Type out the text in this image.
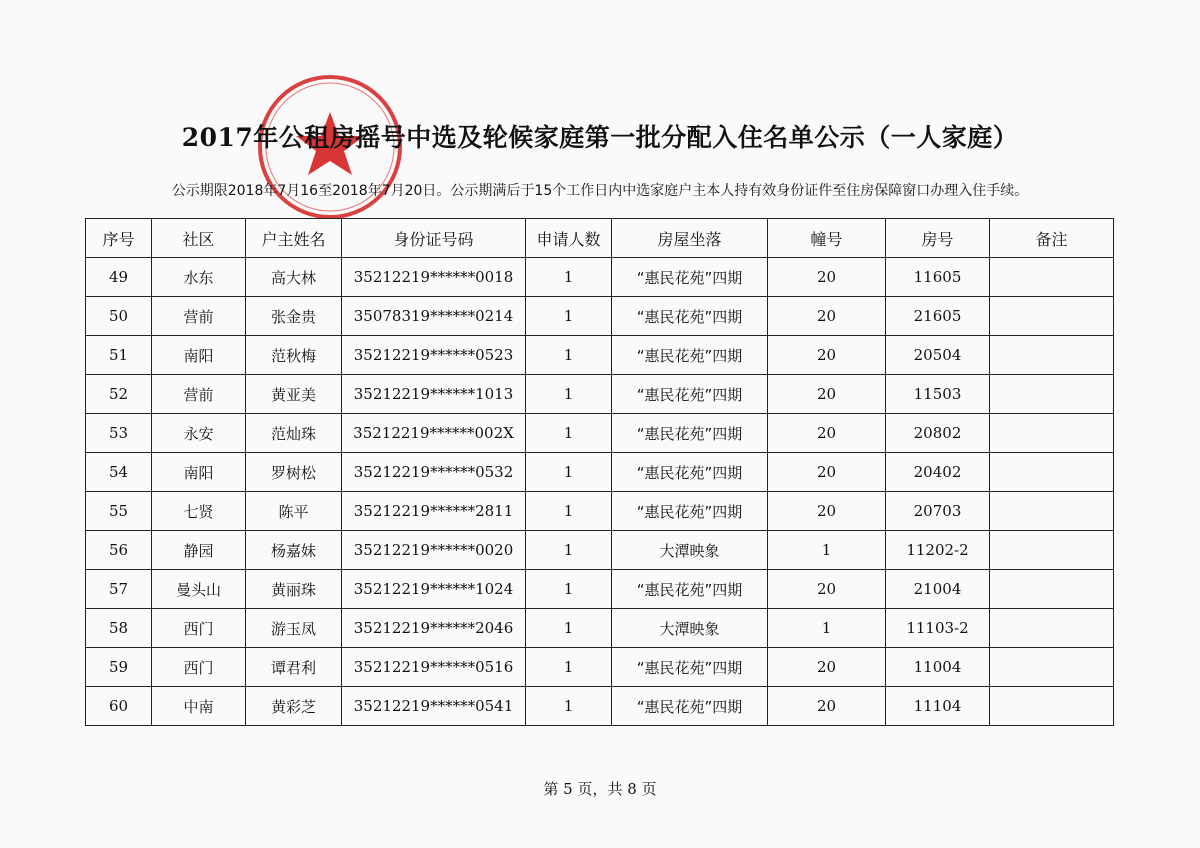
2017年公租房摇号中选及轮候家庭第一批分配入住名单公示（一人家庭）
公示期限2018年7月16至2018年7月20日。公示期满后于15个工作日内中选家庭户主本人持有效身份证件至住房保障窗口办理入住手续。
序号	社区	户主姓名	身份证号码	申请人数	房屋坐落	幢号	房号	备注
49	水东	高大林	35212219******0018	1	“惠民花苑”四期	20	11605	
50	营前	张金贵	35078319******0214	1	“惠民花苑”四期	20	21605	
51	南阳	范秋梅	35212219******0523	1	“惠民花苑”四期	20	20504	
52	营前	黄亚美	35212219******1013	1	“惠民花苑”四期	20	11503	
53	永安	范灿珠	35212219******002X	1	“惠民花苑”四期	20	20802	
54	南阳	罗树松	35212219******0532	1	“惠民花苑”四期	20	20402	
55	七贤	陈平	35212219******2811	1	“惠民花苑”四期	20	20703	
56	静园	杨嘉妹	35212219******0020	1	大潭映象	1	11202-2	
57	曼头山	黄丽珠	35212219******1024	1	“惠民花苑”四期	20	21004	
58	西门	游玉凤	35212219******2046	1	大潭映象	1	11103-2	
59	西门	谭君利	35212219******0516	1	“惠民花苑”四期	20	11004	
60	中南	黄彩芝	35212219******0541	1	“惠民花苑”四期	20	11104	
第 5 页，共 8 页
